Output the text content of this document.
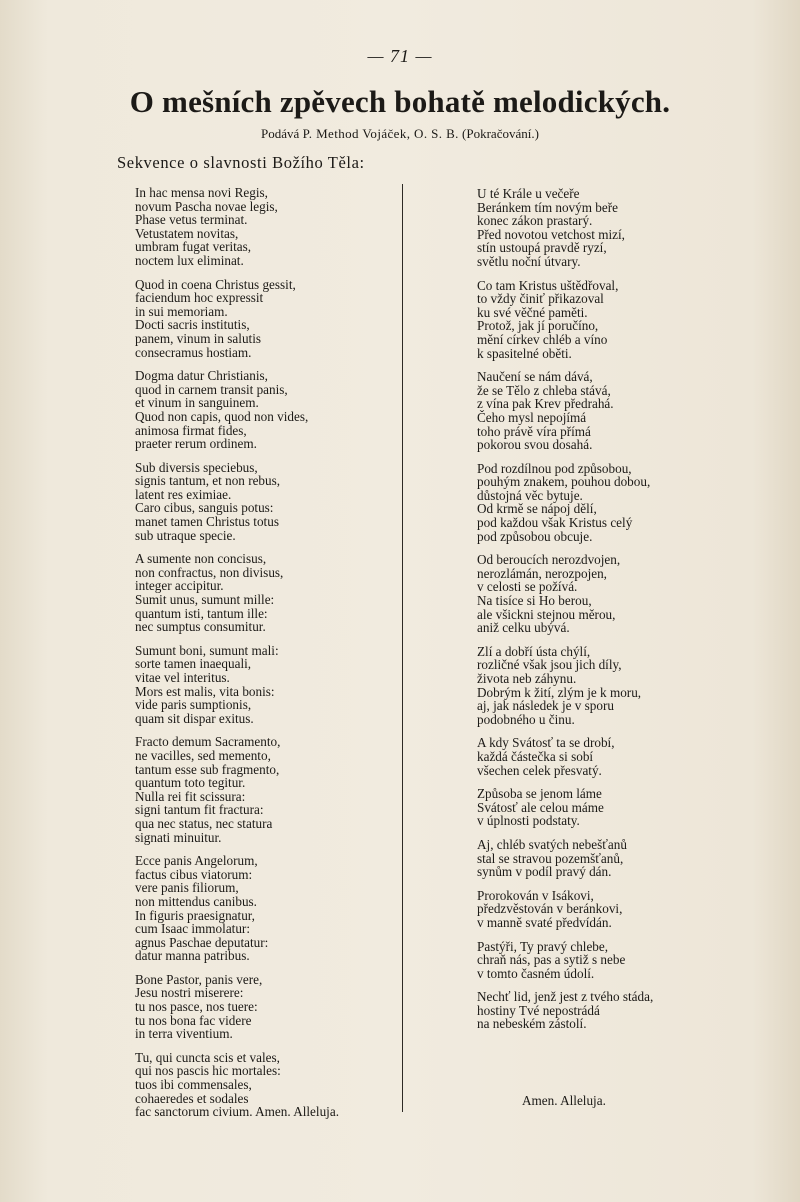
— 71 —
O mešních zpěvech bohatě melodických.
Podává P. Method Vojáček, O. S. B. (Pokračování.)
Sekvence o slavnosti Božího Těla:
In hac mensa novi Regis,
novum Pascha novae legis,
Phase vetus terminat.
Vetustatem novitas,
umbram fugat veritas,
noctem lux eliminat.
Quod in coena Christus gessit,
faciendum hoc expressit
in sui memoriam.
Docti sacris institutis,
panem, vinum in salutis
consecramus hostiam.
Dogma datur Christianis,
quod in carnem transit panis,
et vinum in sanguinem.
Quod non capis, quod non vides,
animosa firmat fides,
praeter rerum ordinem.
Sub diversis speciebus,
signis tantum, et non rebus,
latent res eximiae.
Caro cibus, sanguis potus:
manet tamen Christus totus
sub utraque specie.
A sumente non concisus,
non confractus, non divisus,
integer accipitur.
Sumit unus, sumunt mille:
quantum isti, tantum ille:
nec sumptus consumitur.
Sumunt boni, sumunt mali:
sorte tamen inaequali,
vitae vel interitus.
Mors est malis, vita bonis:
vide paris sumptionis,
quam sit dispar exitus.
Fracto demum Sacramento,
ne vacilles, sed memento,
tantum esse sub fragmento,
quantum toto tegitur.
Nulla rei fit scissura:
signi tantum fit fractura:
qua nec status, nec statura
signati minuitur.
Ecce panis Angelorum,
factus cibus viatorum:
vere panis filiorum,
non mittendus canibus.
In figuris praesignatur,
cum Isaac immolatur:
agnus Paschae deputatur:
datur manna patribus.
Bone Pastor, panis vere,
Jesu nostri miserere:
tu nos pasce, nos tuere:
tu nos bona fac videre
in terra viventium.
Tu, qui cuncta scis et vales,
qui nos pascis hic mortales:
tuos ibi commensales,
cohaeredes et sodales
fac sanctorum civium. Amen. Alleluja.
U té Krále u večeře
Beránkem tím novým beře
konec zákon prastarý.
Před novotou vetchost mizí,
stín ustoupá pravdě ryzí,
světlu noční útvary.
Co tam Kristus uštědřoval,
to vždy činiť přikazoval
ku své věčné paměti.
Protož, jak jí poručíno,
mění církev chléb a víno
k spasitelné oběti.
Naučení se nám dává,
že se Tělo z chleba stává,
z vína pak Krev předrahá.
Čeho mysl nepojímá
toho právě víra přímá
pokorou svou dosahá.
Pod rozdílnou pod způsobou,
pouhým znakem, pouhou dobou,
důstojná věc bytuje.
Od krmě se nápoj dělí,
pod každou však Kristus celý
pod způsobou obcuje.
Od beroucích nerozdvojen,
nerozlámán, nerozpojen,
v celosti se požívá.
Na tisíce si Ho berou,
ale všickni stejnou měrou,
aniž celku ubývá.
Zlí a dobří ústa chýlí,
rozličné však jsou jich díly,
života neb záhynu.
Dobrým k žití, zlým je k moru,
aj, jak následek je v sporu
podobného u činu.
A kdy Svátosť ta se drobí,
každá částečka si sobí
všechen celek přesvatý.
Způsoba se jenom láme
Svátosť ale celou máme
v úplnosti podstaty.
Aj, chléb svatých nebešťanů
stal se stravou pozemšťanů,
synům v podíl pravý dán.
Prorokován v Isákovi,
předzvěstován v beránkovi,
v manně svaté předvídán.
Pastýři, Ty pravý chlebe,
chraň nás, pas a sytiž s nebe
v tomto časném údolí.
Nechť lid, jenž jest z tvého stáda,
hostiny Tvé nepostrádá
na nebeském zástolí.
Amen. Alleluja.
